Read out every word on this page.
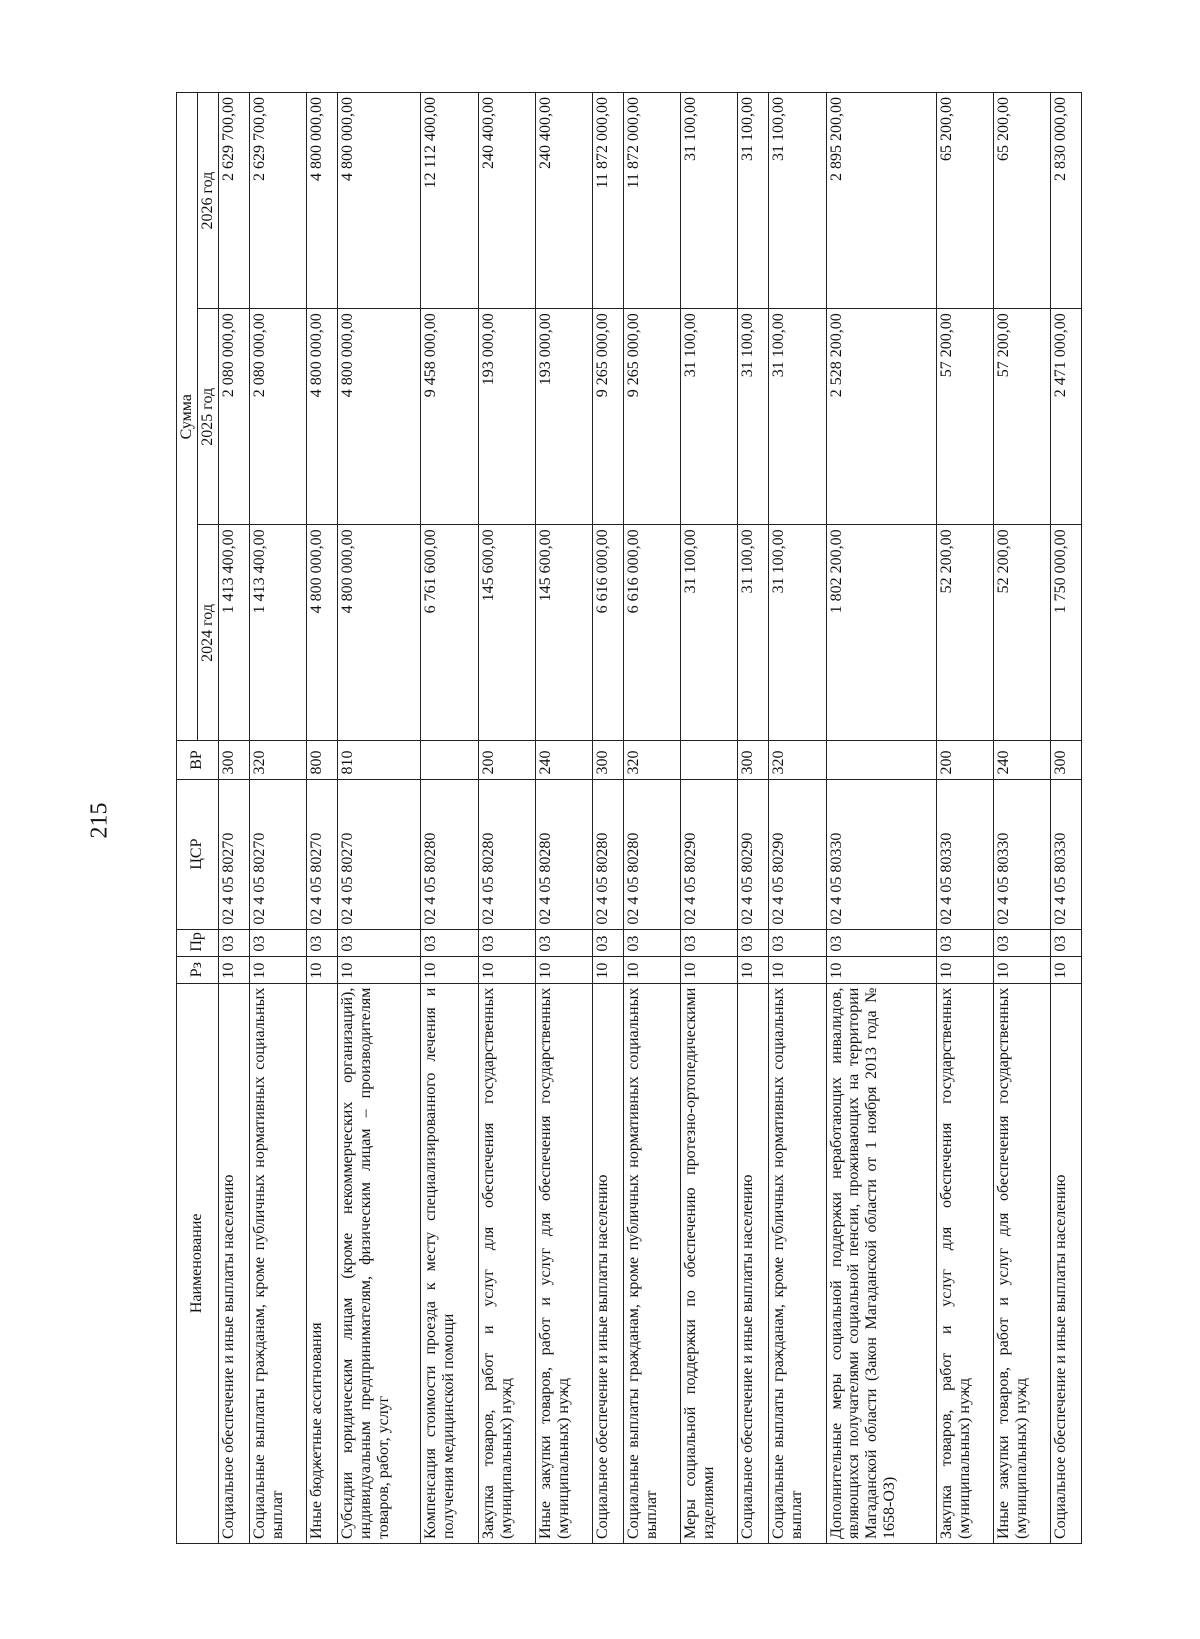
215
Наименование	Рз	Пр	ЦСР	ВР	Сумма		
					2024 год	2025 год	2026 год
Социальное обеспечение и иные выплаты населению	10	03	02 4 05 80270	300	1 413 400,00	2 080 000,00	2 629 700,00
Социальные выплаты гражданам, кроме публичных нормативных социальных выплат	10	03	02 4 05 80270	320	1 413 400,00	2 080 000,00	2 629 700,00
Иные бюджетные ассигнования	10	03	02 4 05 80270	800	4 800 000,00	4 800 000,00	4 800 000,00
Субсидии юридическим лицам (кроме некоммерческих организаций), индивидуальным предпринимателям, физическим лицам – производителям товаров, работ, услуг	10	03	02 4 05 80270	810	4 800 000,00	4 800 000,00	4 800 000,00
Компенсация стоимости проезда к месту специализированного лечения и получения медицинской помощи	10	03	02 4 05 80280		6 761 600,00	9 458 000,00	12 112 400,00
Закупка товаров, работ и услуг для обеспечения государственных (муниципальных) нужд	10	03	02 4 05 80280	200	145 600,00	193 000,00	240 400,00
Иные закупки товаров, работ и услуг для обеспечения государственных (муниципальных) нужд	10	03	02 4 05 80280	240	145 600,00	193 000,00	240 400,00
Социальное обеспечение и иные выплаты населению	10	03	02 4 05 80280	300	6 616 000,00	9 265 000,00	11 872 000,00
Социальные выплаты гражданам, кроме публичных нормативных социальных выплат	10	03	02 4 05 80280	320	6 616 000,00	9 265 000,00	11 872 000,00
Меры социальной поддержки по обеспечению протезно-ортопедическими изделиями	10	03	02 4 05 80290		31 100,00	31 100,00	31 100,00
Социальное обеспечение и иные выплаты населению	10	03	02 4 05 80290	300	31 100,00	31 100,00	31 100,00
Социальные выплаты гражданам, кроме публичных нормативных социальных выплат	10	03	02 4 05 80290	320	31 100,00	31 100,00	31 100,00
Дополнительные меры социальной поддержки неработающих инвалидов, являющихся получателями социальной пенсии, проживающих на территории Магаданской области (Закон Магаданской области от 1 ноября 2013 года № 1658-ОЗ)	10	03	02 4 05 80330		1 802 200,00	2 528 200,00	2 895 200,00
Закупка товаров, работ и услуг для обеспечения государственных (муниципальных) нужд	10	03	02 4 05 80330	200	52 200,00	57 200,00	65 200,00
Иные закупки товаров, работ и услуг для обеспечения государственных (муниципальных) нужд	10	03	02 4 05 80330	240	52 200,00	57 200,00	65 200,00
Социальное обеспечение и иные выплаты населению	10	03	02 4 05 80330	300	1 750 000,00	2 471 000,00	2 830 000,00
